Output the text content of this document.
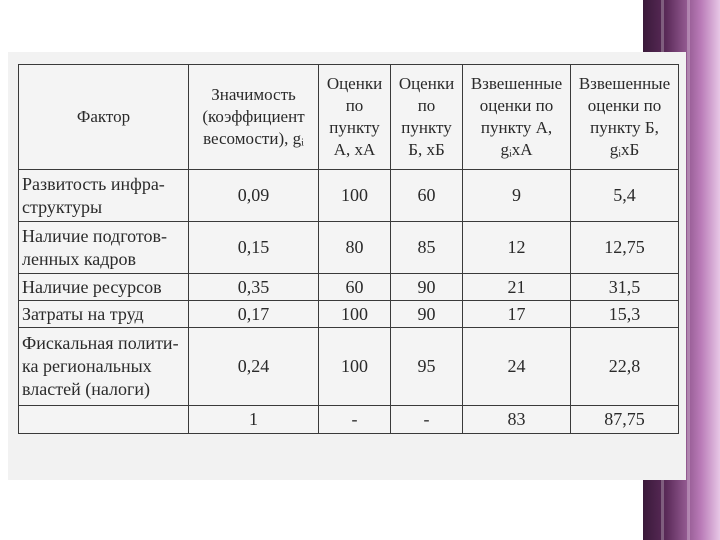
Фактор	Значимость (коэффициент весомости), gᵢ	Оценки по пункту А, xА	Оценки по пункту Б, xБ	Взвешенные оценки по пункту А, gᵢxА	Взвешенные оценки по пункту Б, gᵢxБ
Развитость инфра-структуры	0,09	100	60	9	5,4
Наличие подготов-ленных кадров	0,15	80	85	12	12,75
Наличие ресурсов	0,35	60	90	21	31,5
Затраты на труд	0,17	100	90	17	15,3
Фискальная полити-ка региональных властей (налоги)	0,24	100	95	24	22,8
	1	-	-	83	87,75
